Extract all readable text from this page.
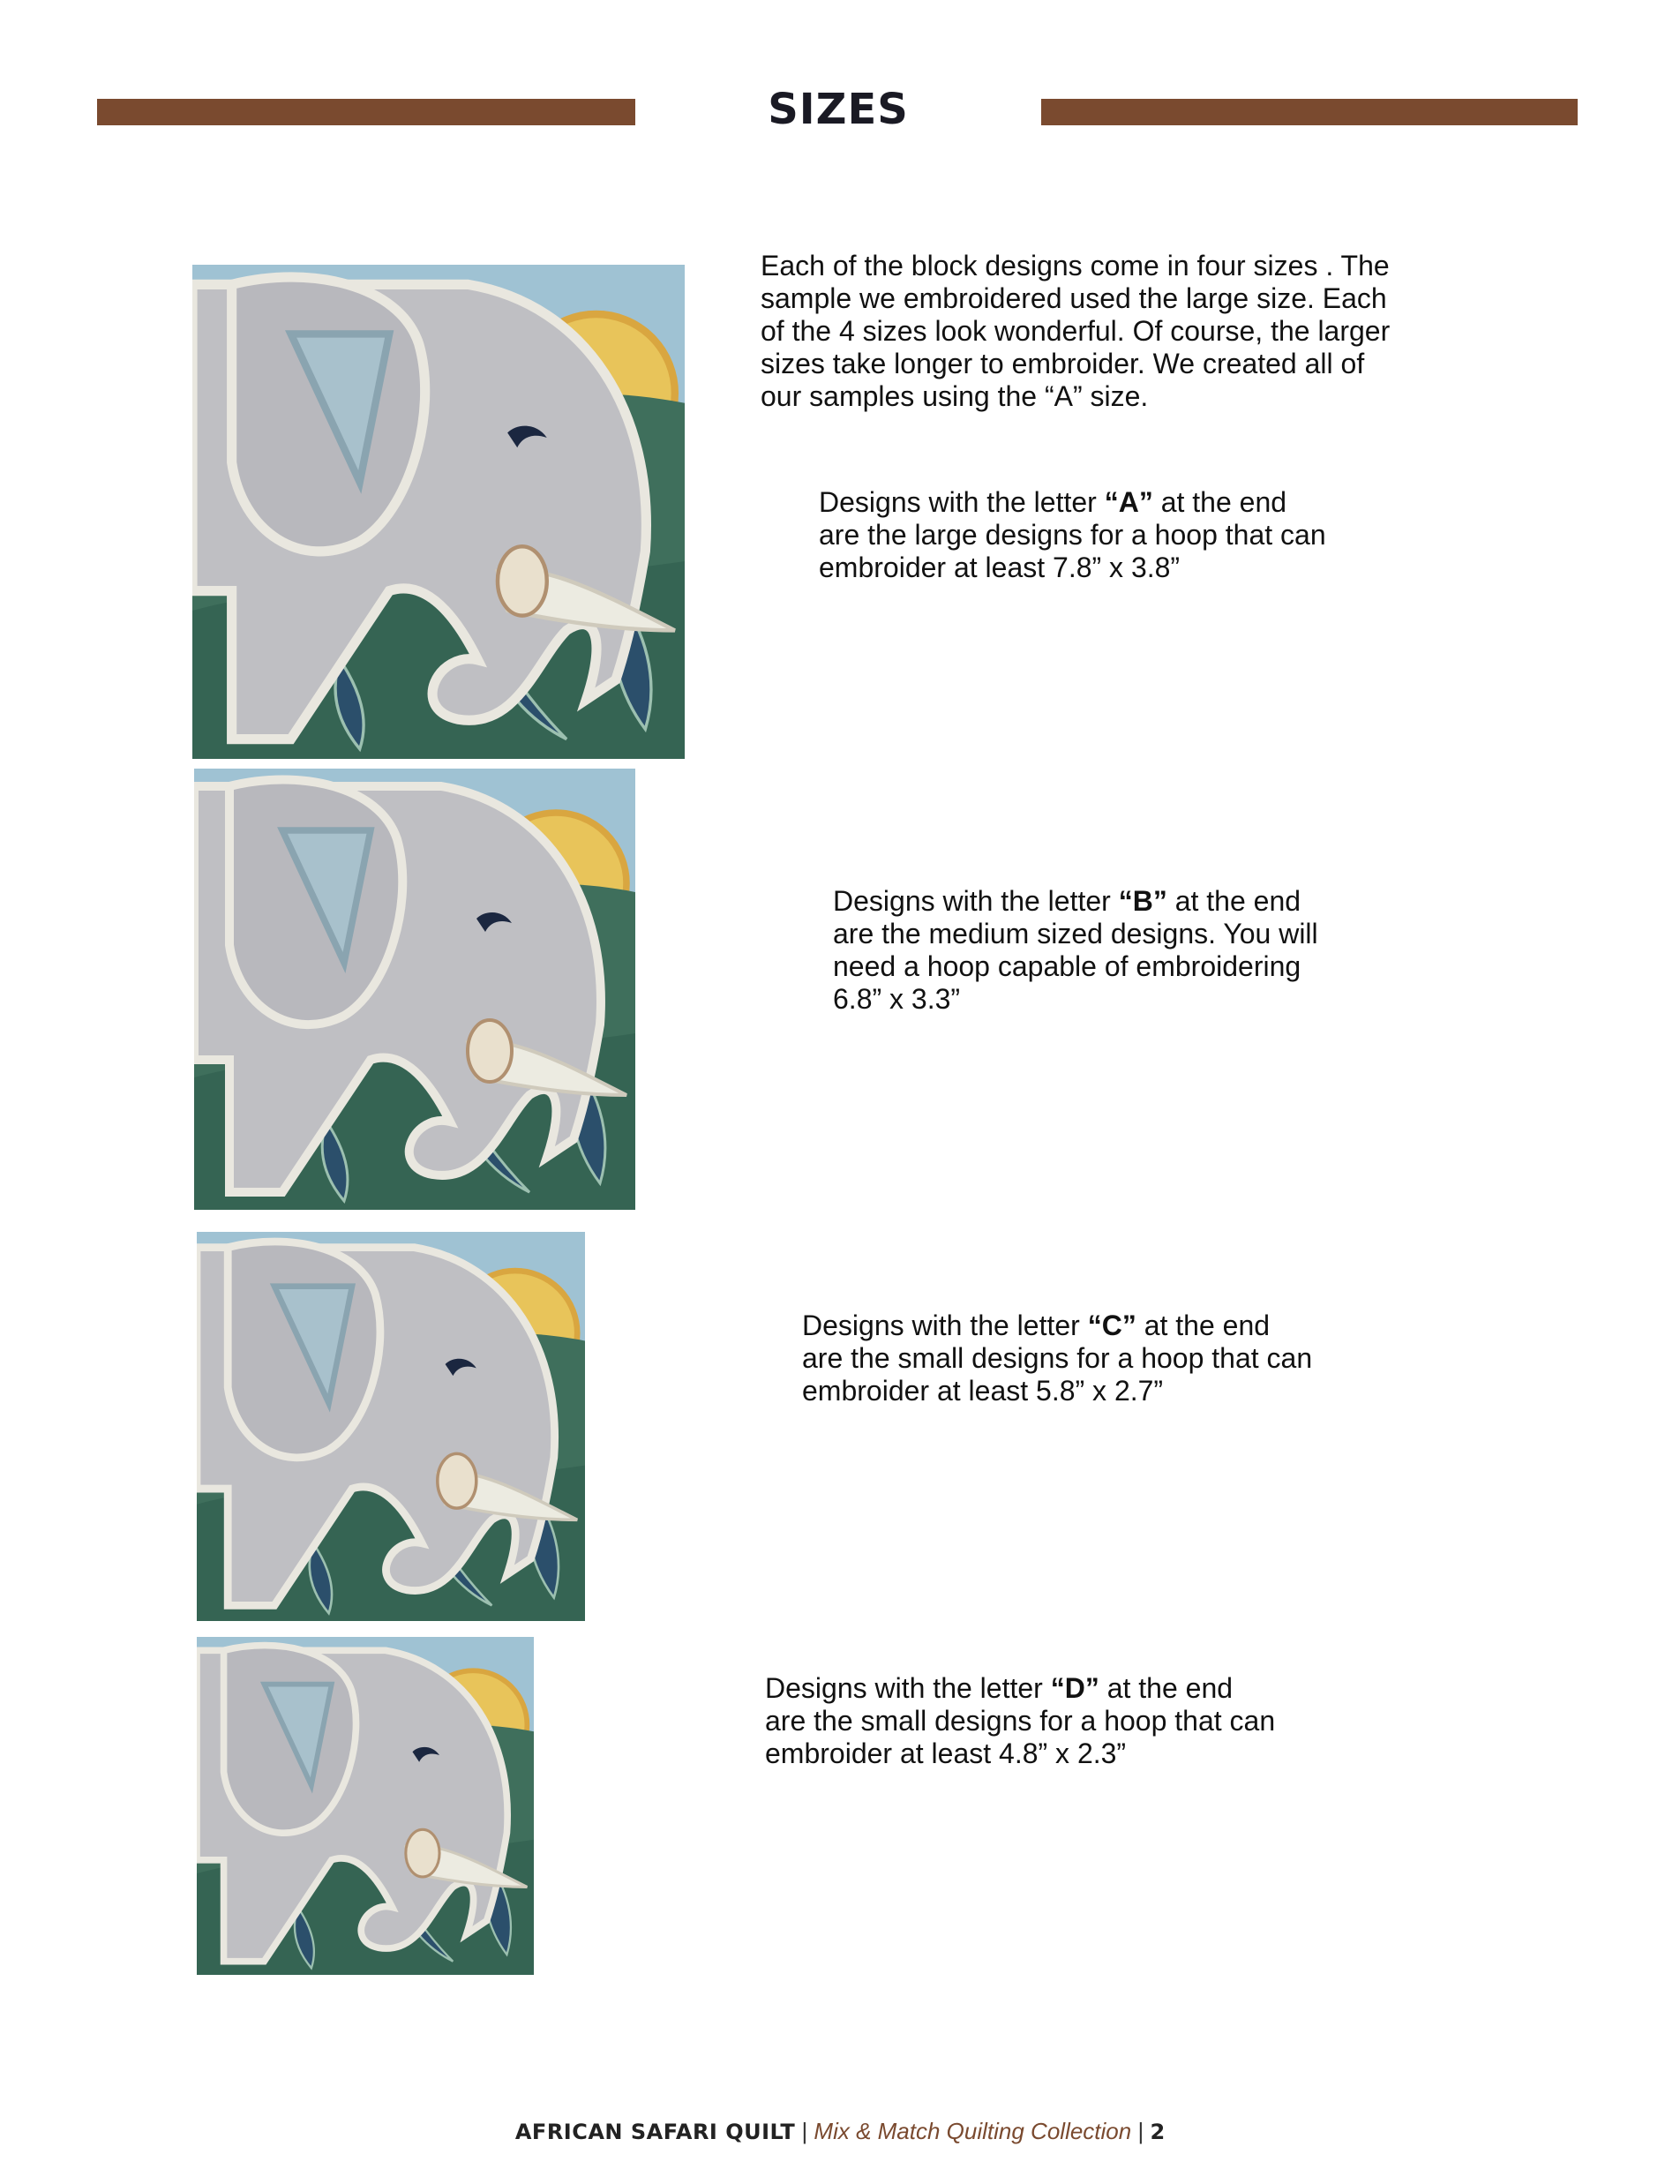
SIZES
Each of the block designs come in four sizes . The
sample we embroidered used the large size. Each
of the 4 sizes look wonderful. Of course, the larger
sizes take longer to embroider. We created all of
our samples using the “A” size.
Designs with the letter “A” at the end
are the large designs for a hoop that can
embroider at least 7.8” x 3.8”
Designs with the letter “B” at the end
are the medium sized designs. You will
need a hoop capable of embroidering
6.8” x 3.3”
Designs with the letter “C” at the end
are the small designs for a hoop that can
embroider at least 5.8” x 2.7”
Designs with the letter “D” at the end
are the small designs for a hoop that can
embroider at least 4.8” x 2.3”
AFRICAN SAFARI QUILT | Mix & Match Quilting Collection | 2
